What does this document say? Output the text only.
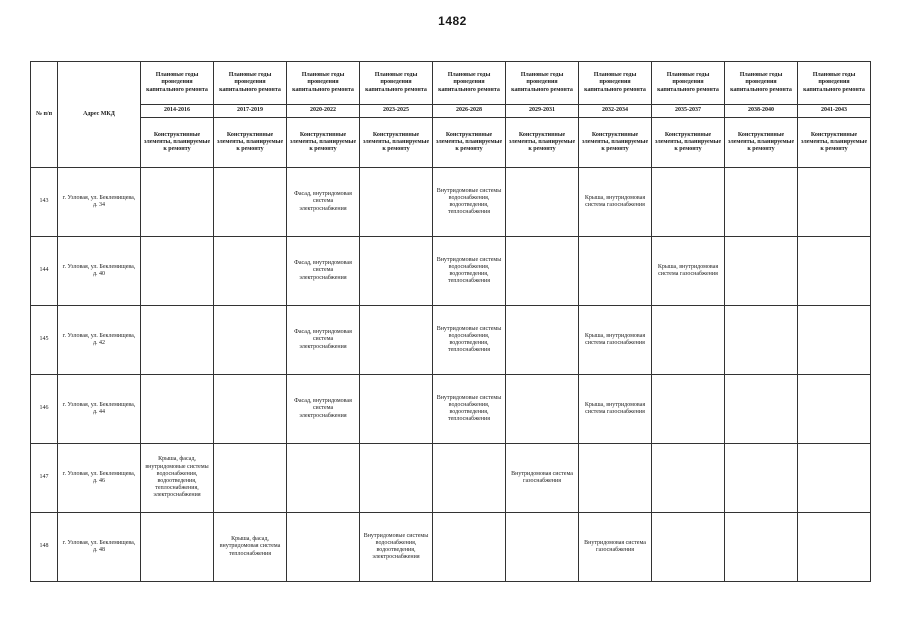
1482
№ п/п	Адрес МКД	Плановые годы проведения капитального ремонта	Плановые годы проведения капитального ремонта	Плановые годы проведения капитального ремонта	Плановые годы проведения капитального ремонта	Плановые годы проведения капитального ремонта	Плановые годы проведения капитального ремонта	Плановые годы проведения капитального ремонта	Плановые годы проведения капитального ремонта	Плановые годы проведения капитального ремонта	Плановые годы проведения капитального ремонта
		2014-2016	2017-2019	2020-2022	2023-2025	2026-2028	2029-2031	2032-2034	2035-2037	2038-2040	2041-2043
		Конструктивные элементы, планируемые к ремонту	Конструктивные элементы, планируемые к ремонту	Конструктивные элементы, планируемые к ремонту	Конструктивные элементы, планируемые к ремонту	Конструктивные элементы, планируемые к ремонту	Конструктивные элементы, планируемые к ремонту	Конструктивные элементы, планируемые к ремонту	Конструктивные элементы, планируемые к ремонту	Конструктивные элементы, планируемые к ремонту	Конструктивные элементы, планируемые к ремонту
143	г. Узловая, ул. Беклемищева, д. 34			Фасад, внутридомовая система электроснабжения		Внутридомовые системы водоснабжения, водоотведения, теплоснабжения		Крыша, внутридомовая система газоснабжения			
144	г. Узловая, ул. Беклемищева, д. 40			Фасад, внутридомовая система электроснабжения		Внутридомовые системы водоснабжения, водоотведения, теплоснабжения			Крыша, внутридомовая система газоснабжения		
145	г. Узловая, ул. Беклемищева, д. 42			Фасад, внутридомовая система электроснабжения		Внутридомовые системы водоснабжения, водоотведения, теплоснабжения		Крыша, внутридомовая система газоснабжения			
146	г. Узловая, ул. Беклемищева, д. 44			Фасад, внутридомовая система электроснабжения		Внутридомовые системы водоснабжения, водоотведения, теплоснабжения		Крыша, внутридомовая система газоснабжения			
147	г. Узловая, ул. Беклемищева, д. 46	Крыша, фасад, внутридомовые системы водоснабжения, водоотведения, теплоснабжения, электроснабжения					Внутридомовая система газоснабжения				
148	г. Узловая, ул. Беклемищева, д. 48		Крыша, фасад, внутридомовая система теплоснабжения		Внутридомовые системы водоснабжения, водоотведения, электроснабжения			Внутридомовая система газоснабжения			
